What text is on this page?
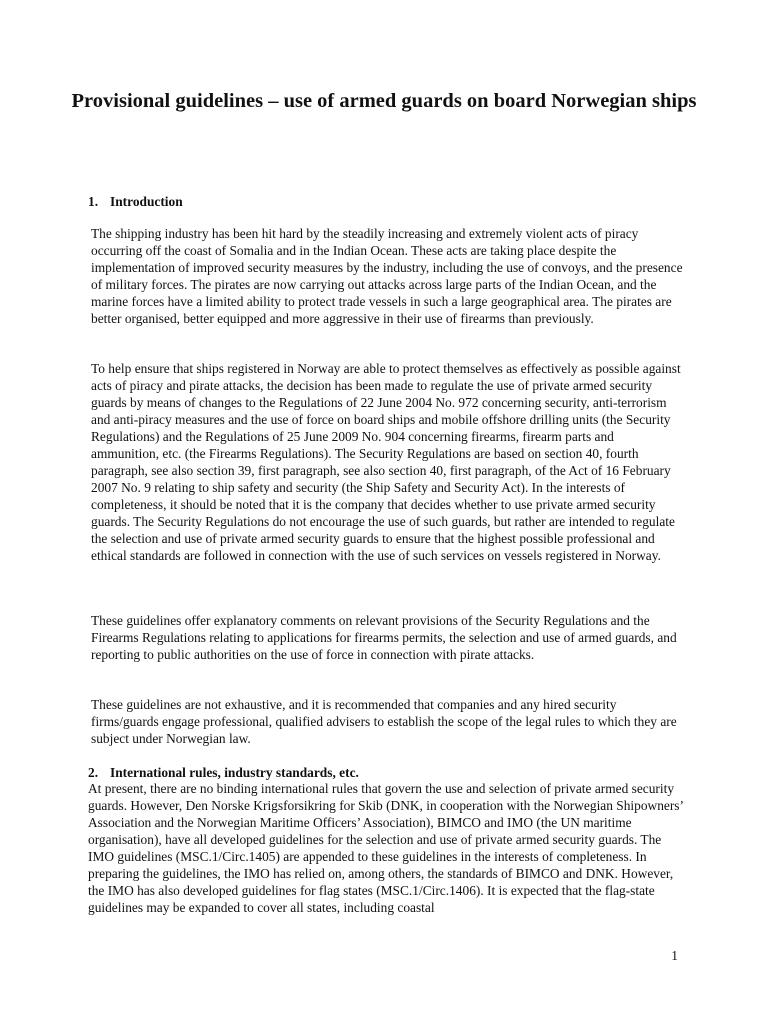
Provisional guidelines – use of armed guards on board Norwegian ships
1. Introduction

The shipping industry has been hit hard by the steadily increasing and extremely violent acts of piracy occurring off the coast of Somalia and in the Indian Ocean. These acts are taking place despite the implementation of improved security measures by the industry, including the use of convoys, and the presence of military forces. The pirates are now carrying out attacks across large parts of the Indian Ocean, and the marine forces have a limited ability to protect trade vessels in such a large geographical area. The pirates are better organised, better equipped and more aggressive in their use of firearms than previously.

To help ensure that ships registered in Norway are able to protect themselves as effectively as possible against acts of piracy and pirate attacks, the decision has been made to regulate the use of private armed security guards by means of changes to the Regulations of 22 June 2004 No. 972 concerning security, anti-terrorism and anti-piracy measures and the use of force on board ships and mobile offshore drilling units (the Security Regulations) and the Regulations of 25 June 2009 No. 904 concerning firearms, firearm parts and ammunition, etc. (the Firearms Regulations). The Security Regulations are based on section 40, fourth paragraph, see also section 39, first paragraph, see also section 40, first paragraph, of the Act of 16 February 2007 No. 9 relating to ship safety and security (the Ship Safety and Security Act). In the interests of completeness, it should be noted that it is the company that decides whether to use private armed security guards. The Security Regulations do not encourage the use of such guards, but rather are intended to regulate the selection and use of private armed security guards to ensure that the highest possible professional and ethical standards are followed in connection with the use of such services on vessels registered in Norway.

These guidelines offer explanatory comments on relevant provisions of the Security Regulations and the Firearms Regulations relating to applications for firearms permits, the selection and use of armed guards, and reporting to public authorities on the use of force in connection with pirate attacks.

These guidelines are not exhaustive, and it is recommended that companies and any hired security firms/guards engage professional, qualified advisers to establish the scope of the legal rules to which they are subject under Norwegian law.

2. International rules, industry standards, etc.

At present, there are no binding international rules that govern the use and selection of private armed security guards. However, Den Norske Krigsforsikring for Skib (DNK, in cooperation with the Norwegian Shipowners’ Association and the Norwegian Maritime Officers’ Association), BIMCO and IMO (the UN maritime organisation), have all developed guidelines for the selection and use of private armed security guards. The IMO guidelines (MSC.1/Circ.1405) are appended to these guidelines in the interests of completeness. In preparing the guidelines, the IMO has relied on, among others, the standards of BIMCO and DNK. However, the IMO has also developed guidelines for flag states (MSC.1/Circ.1406). It is expected that the flag-state guidelines may be expanded to cover all states, including coastal

1
